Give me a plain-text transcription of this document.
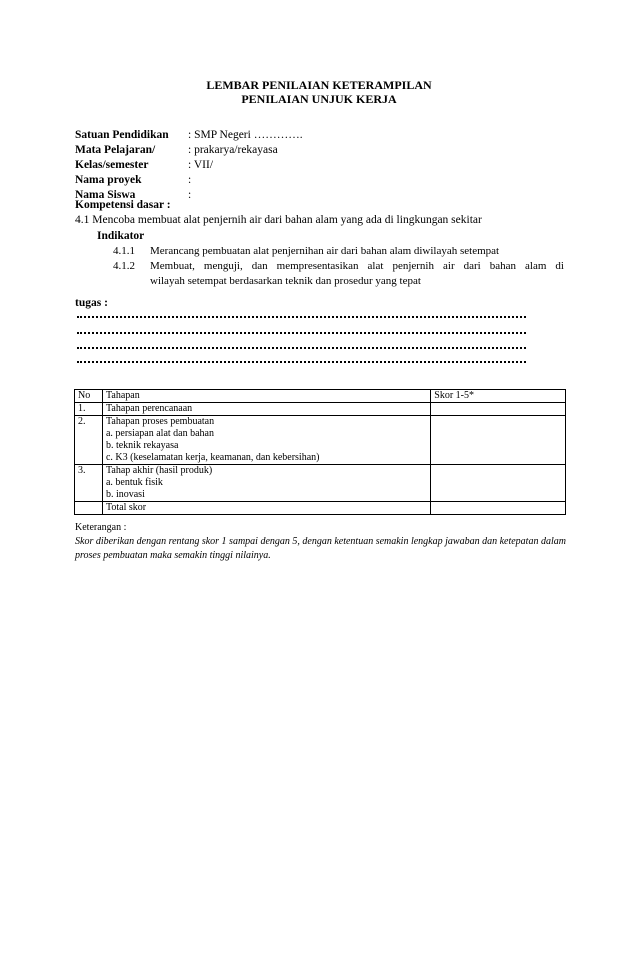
LEMBAR PENILAIAN KETERAMPILAN
PENILAIAN UNJUK KERJA
Satuan Pendidikan	: SMP Negeri ………….
Mata Pelajaran/	: prakarya/rekayasa
Kelas/semester	: VII/
Nama proyek	:
Nama Siswa	:
Kompetensi dasar :
4.1 Mencoba membuat alat penjernih air dari bahan alam yang ada di lingkungan sekitar
Indikator
4.1.1	Merancang pembuatan alat penjernihan air dari bahan alam diwilayah setempat
4.1.2	Membuat, menguji, dan mempresentasikan alat penjernih air dari bahan alam di
wilayah setempat berdasarkan teknik dan prosedur yang tepat
tugas :
No	Tahapan	Skor 1-5*
1.	Tahapan perencanaan	

2.	Tahapan proses pembuatan
a. persiapan alat dan bahan
b. teknik rekayasa
c. K3 (keselamatan kerja, keamanan, dan kebersihan)	

3.	Tahap akhir (hasil produk)
a. bentuk fisik
b. inovasi	

	Total skor	
Keterangan :
Skor diberikan dengan rentang skor 1 sampai dengan 5, dengan ketentuan semakin lengkap jawaban dan ketepatan dalam proses pembuatan maka semakin tinggi nilainya.
